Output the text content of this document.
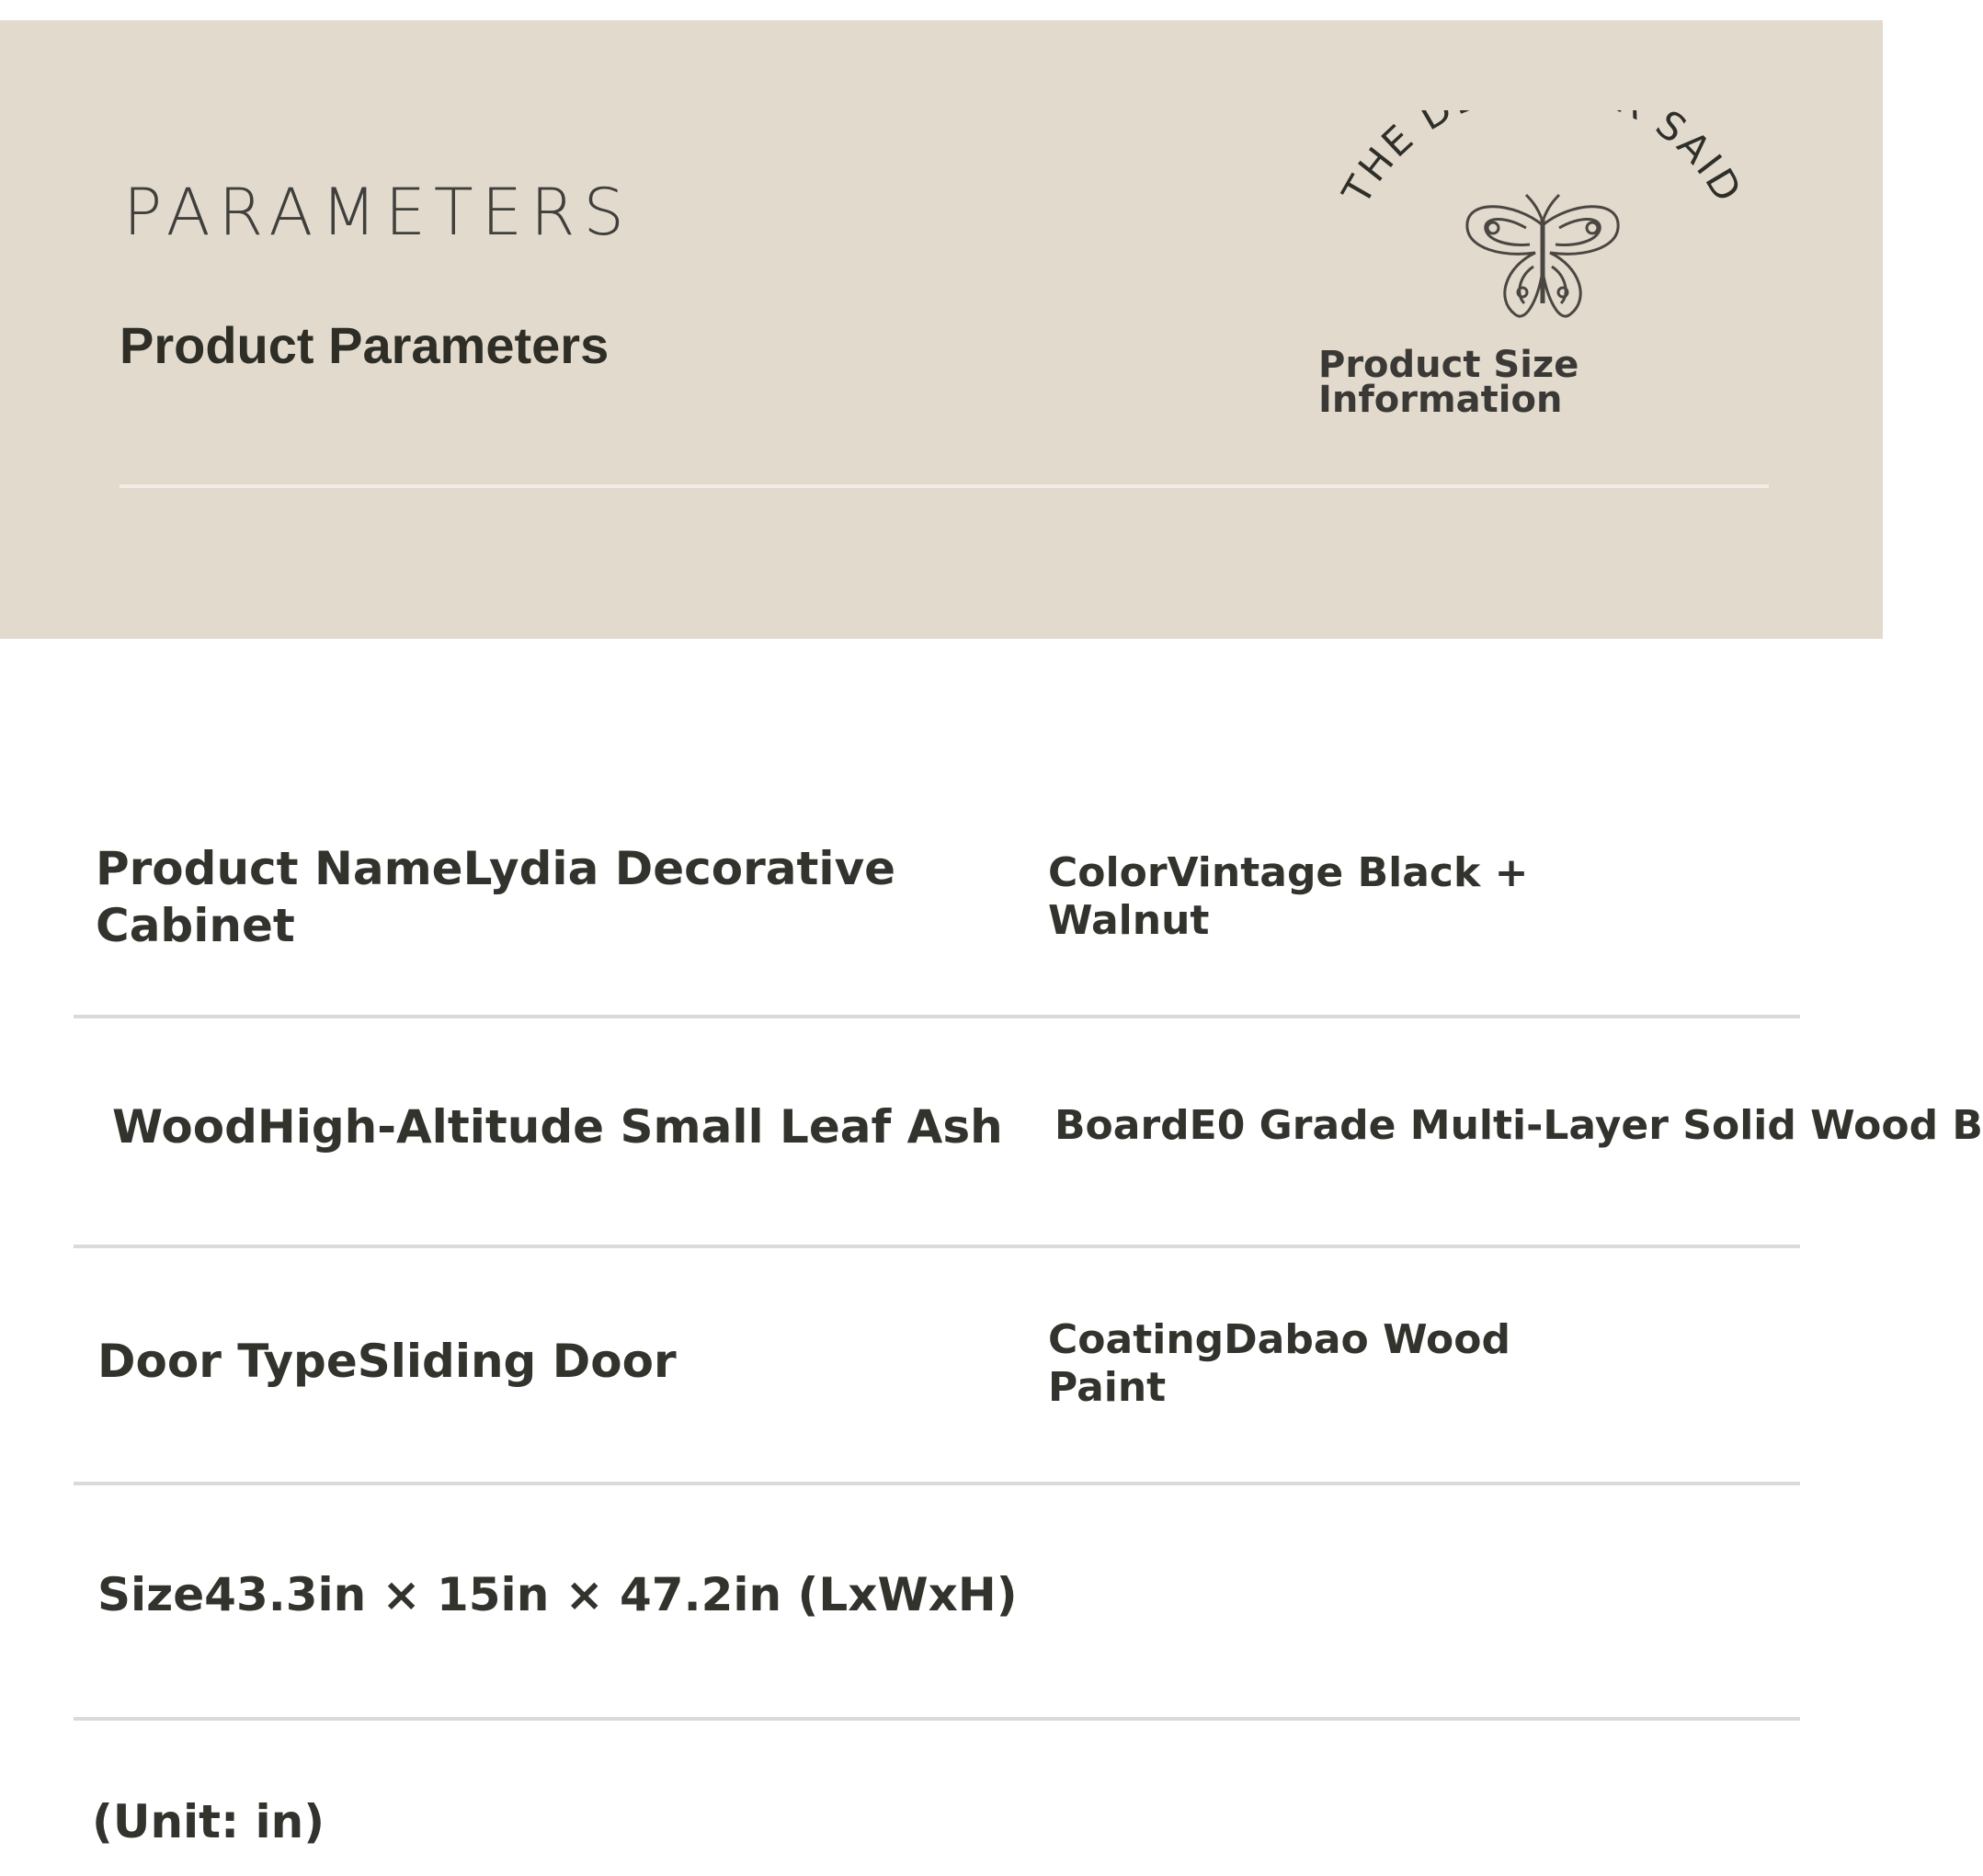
PARAMETERS
Product Parameters
THE D SAID
Product Size
Information
Product NameLydia Decorative
Cabinet
ColorVintage Black +
Walnut
WoodHigh-Altitude Small Leaf Ash BoardE0 Grade Multi-Layer Solid Wood B
Door TypeSliding Door	CoatingDabao Wood
Paint
Size43.3in × 15in × 47.2in (LxWxH)
(Unit: in)
